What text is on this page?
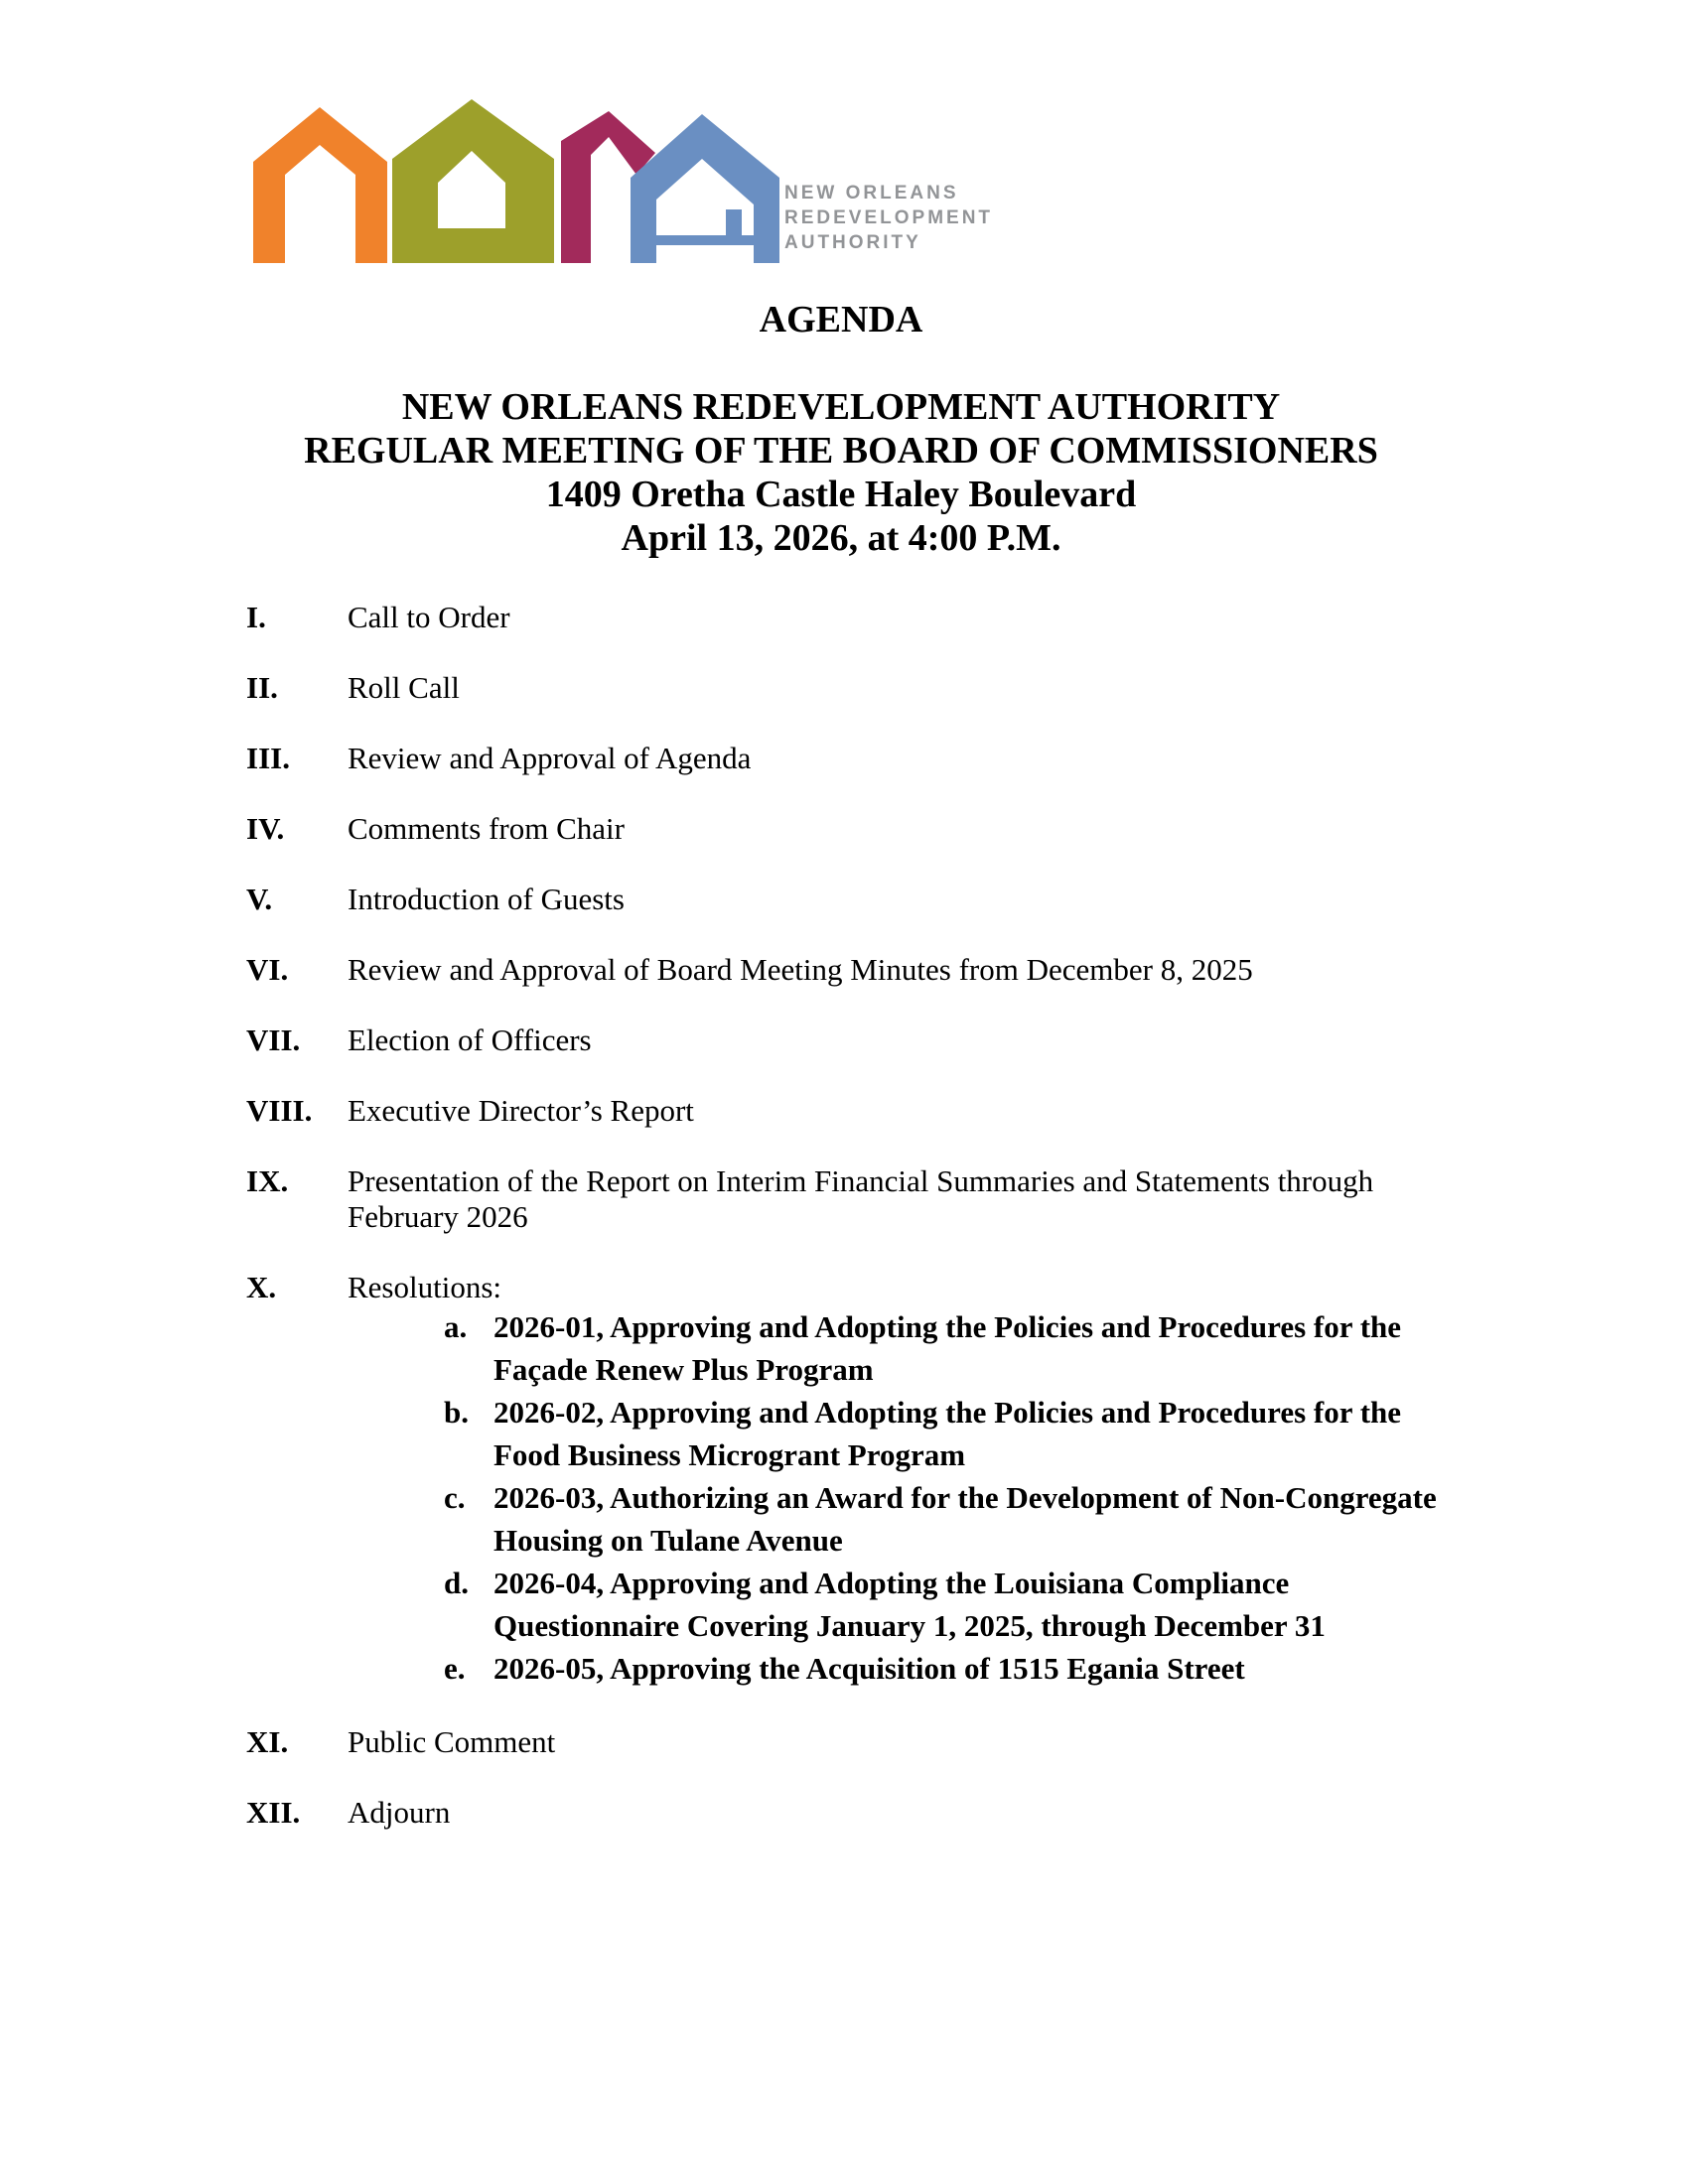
NEW ORLEANS
REDEVELOPMENT
AUTHORITY
AGENDA
NEW ORLEANS REDEVELOPMENT AUTHORITY
REGULAR MEETING OF THE BOARD OF COMMISSIONERS
1409 Oretha Castle Haley Boulevard
April 13, 2026, at 4:00 P.M.
I.	Call to Order
II.	Roll Call
III.	Review and Approval of Agenda
IV.	Comments from Chair
V.	Introduction of Guests
VI.	Review and Approval of Board Meeting Minutes from December 8, 2025
VII.	Election of Officers
VIII.	Executive Director’s Report
IX.	Presentation of the Report on Interim Financial Summaries and Statements through February 2026
X.	Resolutions:
a. 2026-01, Approving and Adopting the Policies and Procedures for the Façade Renew Plus Program
b. 2026-02, Approving and Adopting the Policies and Procedures for the Food Business Microgrant Program
c. 2026-03, Authorizing an Award for the Development of Non-Congregate Housing on Tulane Avenue
d. 2026-04, Approving and Adopting the Louisiana Compliance Questionnaire Covering January 1, 2025, through December 31
e. 2026-05, Approving the Acquisition of 1515 Egania Street
XI.	Public Comment
XII.	Adjourn
